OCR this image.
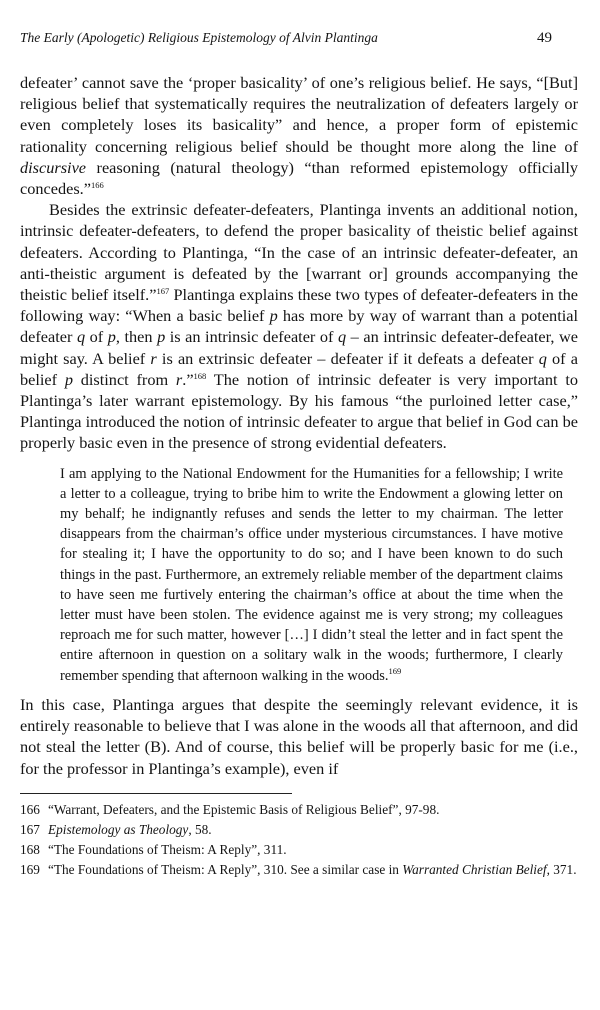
The Early (Apologetic) Religious Epistemology of Alvin Plantinga	49

defeater’ cannot save the ‘proper basicality’ of one’s religious belief. He says, “[But] religious belief that systematically requires the neutralization of defeaters largely or even completely loses its basicality” and hence, a proper form of epistemic rationality concerning religious belief should be thought more along the line of discursive reasoning (natural theology) “than reformed epistemology officially concedes.”$^{166}$

Besides the extrinsic defeater-defeaters, Plantinga invents an additional notion, intrinsic defeater-defeaters, to defend the proper basicality of theistic belief against defeaters. According to Plantinga, “In the case of an intrinsic defeater-defeater, an anti-theistic argument is defeated by the [warrant or] grounds accompanying the theistic belief itself.”$^{167}$ Plantinga explains these two types of defeater-defeaters in the following way: “When a basic belief p has more by way of warrant than a potential defeater q of p, then p is an intrinsic defeater of q – an intrinsic defeater-defeater, we might say. A belief r is an extrinsic defeater – defeater if it defeats a defeater q of a belief p distinct from r.”$^{168}$ The notion of intrinsic defeater is very important to Plantinga’s later warrant epistemology. By his famous “the purloined letter case,” Plantinga introduced the notion of intrinsic defeater to argue that belief in God can be properly basic even in the presence of strong evidential defeaters.

I am applying to the National Endowment for the Humanities for a fellowship; I write a letter to a colleague, trying to bribe him to write the Endowment a glowing letter on my behalf; he indignantly refuses and sends the letter to my chairman. The letter disappears from the chairman’s office under mysterious circumstances. I have motive for stealing it; I have the opportunity to do so; and I have been known to do such things in the past. Furthermore, an extremely reliable member of the department claims to have seen me furtively entering the chairman’s office at about the time when the letter must have been stolen. The evidence against me is very strong; my colleagues reproach me for such matter, however […] I didn’t steal the letter and in fact spent the entire afternoon in question on a solitary walk in the woods; furthermore, I clearly remember spending that afternoon walking in the woods.$^{169}$

In this case, Plantinga argues that despite the seemingly relevant evidence, it is entirely reasonable to believe that I was alone in the woods all that afternoon, and did not steal the letter (B). And of course, this belief will be properly basic for me (i.e., for the professor in Plantinga’s example), even if

166 “Warrant, Defeaters, and the Epistemic Basis of Religious Belief”, 97-98.
167 Epistemology as Theology, 58.
168 “The Foundations of Theism: A Reply”, 311.
169 “The Foundations of Theism: A Reply”, 310. See a similar case in Warranted Christian Belief, 371.
